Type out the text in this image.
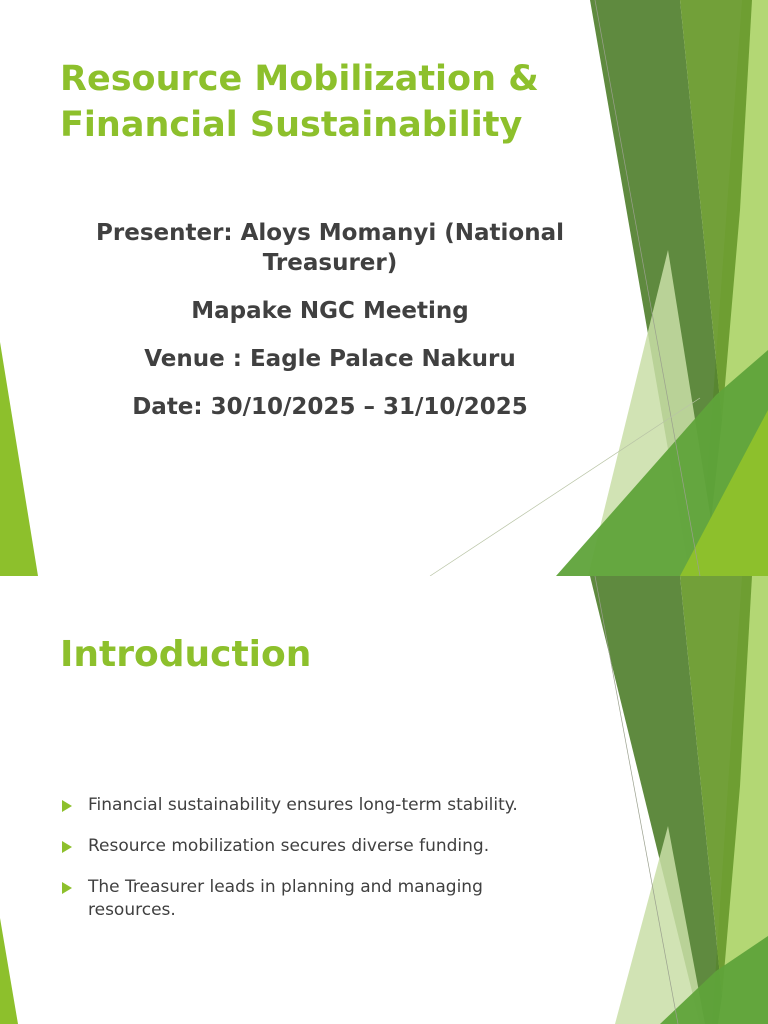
Resource Mobilization & Financial Sustainability

Presenter: Aloys Momanyi (National Treasurer)

Mapake NGC Meeting

Venue : Eagle Palace Nakuru

Date: 30/10/2025 – 31/10/2025

Introduction
Financial sustainability ensures long-term stability.
Resource mobilization secures diverse funding.
The Treasurer leads in planning and managing resources.
